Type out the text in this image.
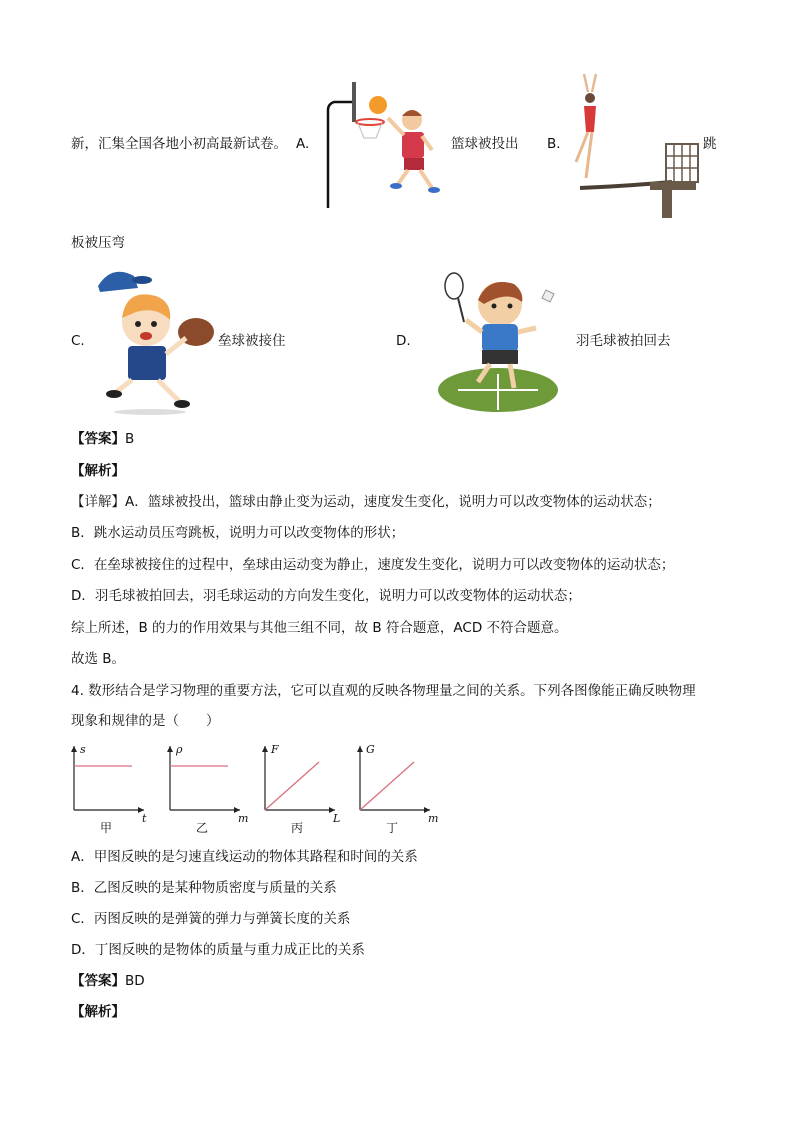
新，汇集全国各地小初高最新试卷。 A.	篮球被投出 B.	跳
板被压弯
C.	垒球被接住	D.	羽毛球被拍回去
【答案】B
【解析】
【详解】A．篮球被投出，篮球由静止变为运动，速度发生变化，说明力可以改变物体的运动状态；
B．跳水运动员压弯跳板，说明力可以改变物体的形状；
C．在垒球被接住的过程中，垒球由运动变为静止，速度发生变化，说明力可以改变物体的运动状态；
D．羽毛球被拍回去，羽毛球运动的方向发生变化，说明力可以改变物体的运动状态；
综上所述，B 的力的作用效果与其他三组不同，故 B 符合题意，ACD 不符合题意。
故选 B。
4. 数形结合是学习物理的重要方法，它可以直观的反映各物理量之间的关系。下列各图像能正确反映物理
现象和规律的是（　　）
s
t
甲
ρ
m
乙
F
L
丙
G
m
丁
A．甲图反映的是匀速直线运动的物体其路程和时间的关系
B．乙图反映的是某种物质密度与质量的关系
C．丙图反映的是弹簧的弹力与弹簧长度的关系
D．丁图反映的是物体的质量与重力成正比的关系
【答案】BD
【解析】
